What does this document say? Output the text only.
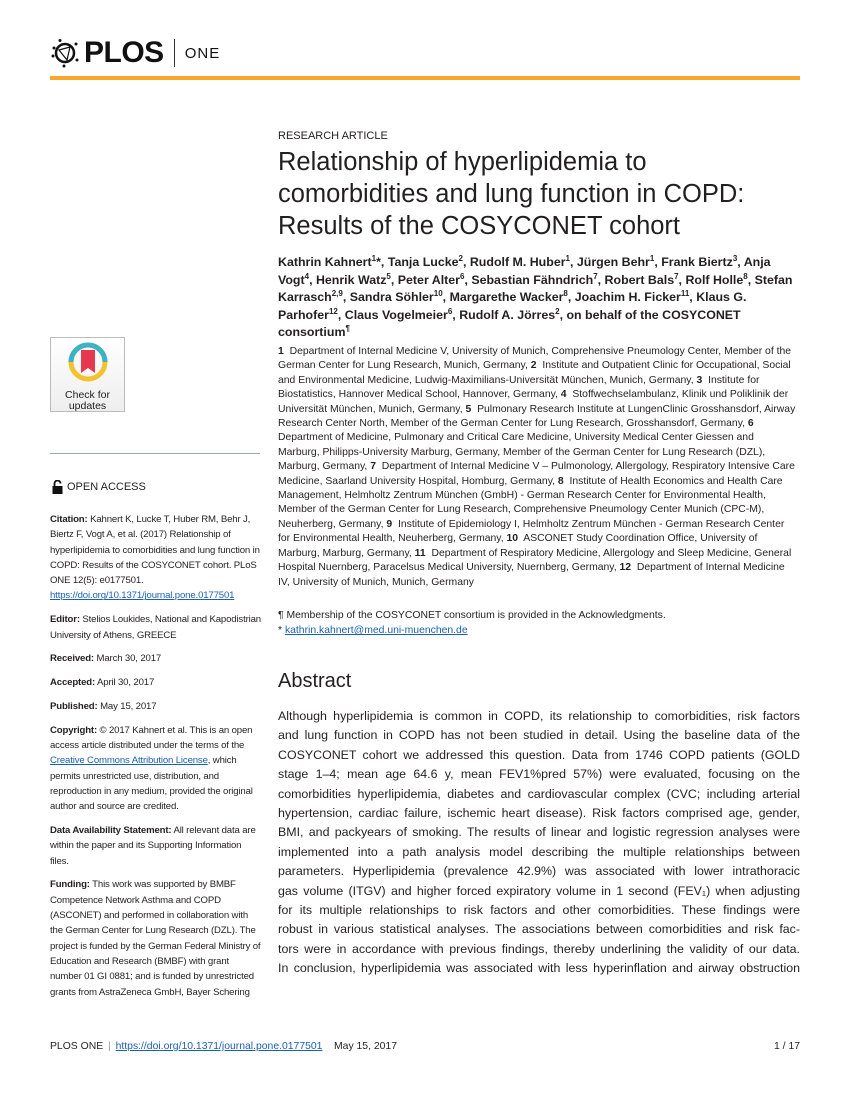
PLOS ONE
RESEARCH ARTICLE
Relationship of hyperlipidemia to
comorbidities and lung function in COPD:
Results of the COSYCONET cohort
Kathrin Kahnert$^1$*, Tanja Lucke$^2$, Rudolf M. Huber$^1$, Jürgen Behr$^1$, Frank Biertz$^3$, Anja Vogt$^4$, Henrik Watz$^5$, Peter Alter$^6$, Sebastian Fähndrich$^7$, Robert Bals$^7$, Rolf Holle$^8$, Stefan Karrasch$^{2,9}$, Sandra Söhler$^{10}$, Margarethe Wacker$^8$, Joachim H. Ficker$^{11}$, Klaus G. Parhofer$^{12}$, Claus Vogelmeier$^6$, Rudolf A. Jörres$^2$, on behalf of the COSYCONET consortium¶
1 Department of Internal Medicine V, University of Munich, Comprehensive Pneumology Center, Member of the German Center for Lung Research, Munich, Germany, 2 Institute and Outpatient Clinic for Occupational, Social and Environmental Medicine, Ludwig-Maximilians-Universität München, Munich, Germany, 3 Institute for Biostatistics, Hannover Medical School, Hannover, Germany, 4 Stoffwechselambulanz, Klinik und Poliklinik der Universität München, Munich, Germany, 5 Pulmonary Research Institute at LungenClinic Grosshansdorf, Airway Research Center North, Member of the German Center for Lung Research, Grosshansdorf, Germany, 6  Department of Medicine, Pulmonary and Critical Care Medicine, University Medical Center Giessen and Marburg, Philipps-University Marburg, Germany, Member of the German Center for Lung Research (DZL), Marburg, Germany, 7 Department of Internal Medicine V – Pulmonology, Allergology, Respiratory Intensive Care Medicine, Saarland University Hospital, Homburg, Germany, 8 Institute of Health Economics and Health Care Management, Helmholtz Zentrum München (GmbH) - German Research Center for Environmental Health, Member of the German Center for Lung Research, Comprehensive Pneumology Center Munich (CPC-M), Neuherberg, Germany, 9 Institute of Epidemiology I, Helmholtz Zentrum München - German Research Center for Environmental Health, Neuherberg, Germany, 10 ASCONET Study Coordination Office, University of Marburg, Marburg, Germany, 11 Department of Respiratory Medicine, Allergology and Sleep Medicine, General Hospital Nuernberg, Paracelsus Medical University, Nuernberg, Germany, 12 Department of Internal Medicine IV, University of Munich, Munich, Germany
¶ Membership of the COSYCONET consortium is provided in the Acknowledgments.
* kathrin.kahnert@med.uni-muenchen.de
Abstract
Although hyperlipidemia is common in COPD, its relationship to comorbidities, risk factors
and lung function in COPD has not been studied in detail. Using the baseline data of the
COSYCONET cohort we addressed this question. Data from 1746 COPD patients (GOLD
stage 1–4; mean age 64.6 y, mean FEV1%pred 57%) were evaluated, focusing on the
comorbidities hyperlipidemia, diabetes and cardiovascular complex (CVC; including arterial
hypertension, cardiac failure, ischemic heart disease). Risk factors comprised age, gender,
BMI, and packyears of smoking. The results of linear and logistic regression analyses were
implemented into a path analysis model describing the multiple relationships between
parameters. Hyperlipidemia (prevalence 42.9%) was associated with lower intrathoracic
gas volume (ITGV) and higher forced expiratory volume in 1 second (FEV₁) when adjusting
for its multiple relationships to risk factors and other comorbidities. These findings were
robust in various statistical analyses. The associations between comorbidities and risk fac-
tors were in accordance with previous findings, thereby underlining the validity of our data.
In conclusion, hyperlipidemia was associated with less hyperinflation and airway obstruction
Check for updates
OPEN ACCESS

Citation: Kahnert K, Lucke T, Huber RM, Behr J, Biertz F, Vogt A, et al. (2017) Relationship of hyperlipidemia to comorbidities and lung function in COPD: Results of the COSYCONET cohort. PLoS ONE 12(5): e0177501. https://doi.org/10.1371/journal.pone.0177501

Editor: Stelios Loukides, National and Kapodistrian University of Athens, GREECE

Received: March 30, 2017

Accepted: April 30, 2017

Published: May 15, 2017

Copyright: © 2017 Kahnert et al. This is an open access article distributed under the terms of the Creative Commons Attribution License, which permits unrestricted use, distribution, and reproduction in any medium, provided the original author and source are credited.

Data Availability Statement: All relevant data are within the paper and its Supporting Information files.

Funding: This work was supported by BMBF Competence Network Asthma and COPD (ASCONET) and performed in collaboration with the German Center for Lung Research (DZL). The project is funded by the German Federal Ministry of Education and Research (BMBF) with grant number 01 GI 0881; and is funded by unrestricted grants from AstraZeneca GmbH, Bayer Schering

PLOS ONE | https://doi.org/10.1371/journal.pone.0177501 May 15, 2017	1 / 17
